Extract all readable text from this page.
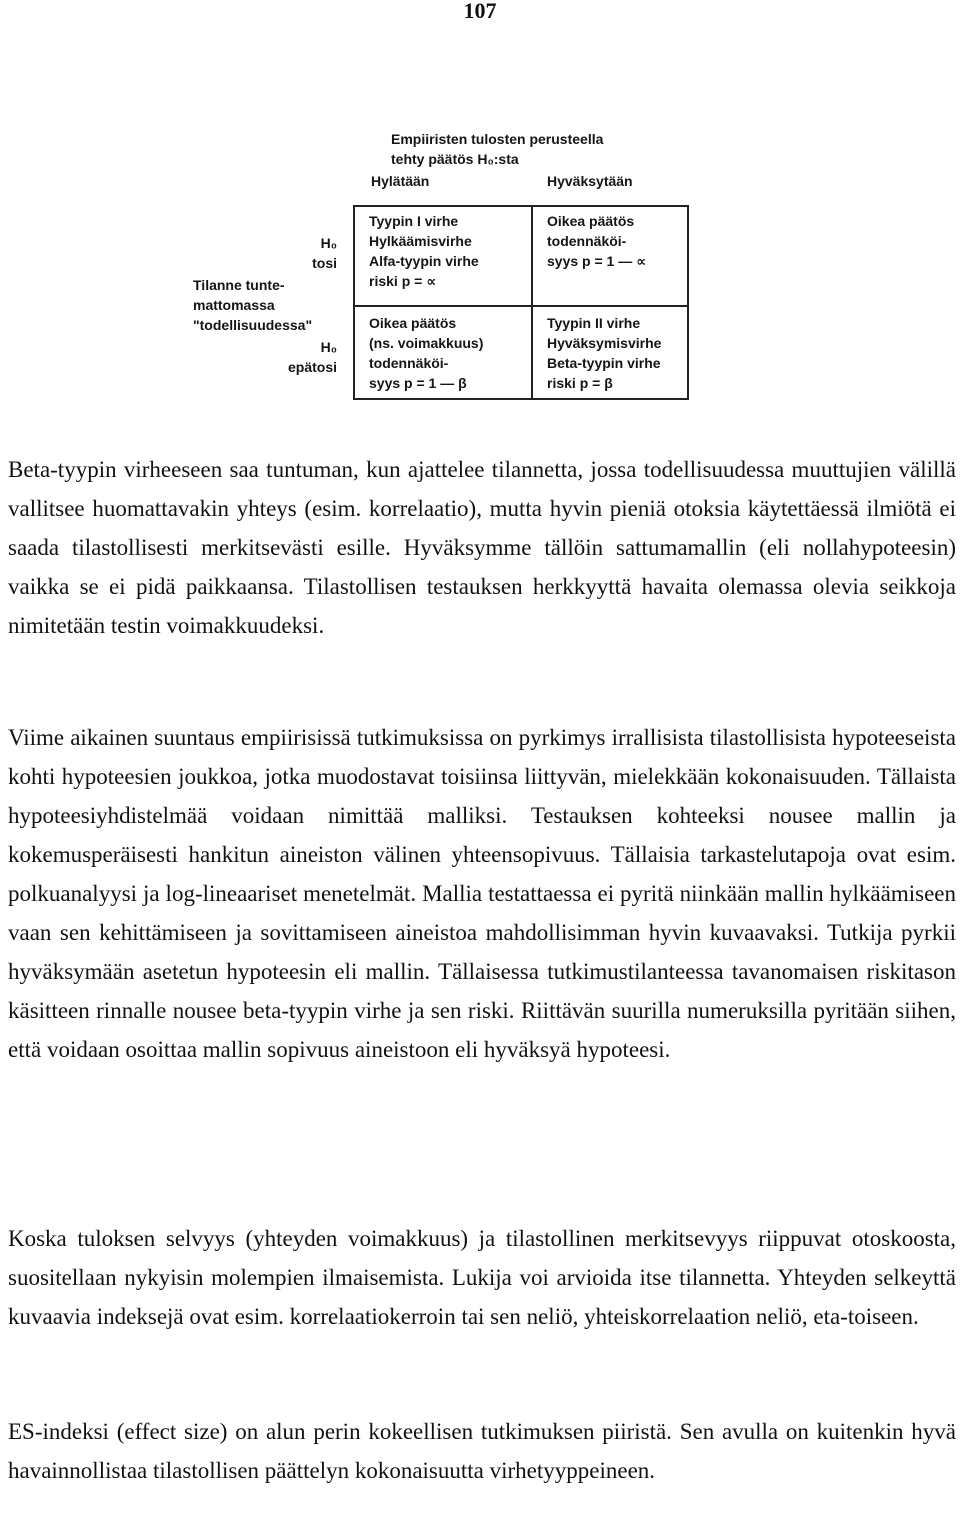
107
Empiiristen tulosten perusteella
tehty päätös H₀:sta
Hylätään	Hyväksytään
H₀
tosi
Tilanne tunte-
mattomassa
"todellisuudessa"
H₀
epätosi
Tyypin I virhe
Hylkäämisvirhe
Alfa-tyypin virhe
riski p = ∝
Oikea päätös
todennäköi-
syys p = 1 — ∝
Oikea päätös
(ns. voimakkuus)
todennäköi-
syys p = 1 — β
Tyypin II virhe
Hyväksymisvirhe
Beta-tyypin virhe
riski p = β

Beta-tyypin virheeseen saa tuntuman, kun ajattelee tilannetta, jossa todellisuudessa muuttujien välillä vallitsee huomattavakin yhteys (esim. korrelaatio), mutta hyvin pieniä otoksia käytettäessä ilmiötä ei saada tilastollisesti merkitsevästi esille. Hyväksymme tällöin sattumamallin (eli nollahypoteesin) vaikka se ei pidä paikkaansa. Tilastollisen testauksen herkkyyttä havaita olemassa olevia seikkoja nimitetään testin voimakkuudeksi.

Viime aikainen suuntaus empiirisissä tutkimuksissa on pyrkimys irrallisista tilastollisista hypoteeseista kohti hypoteesien joukkoa, jotka muodostavat toisiinsa liittyvän, mielekkään kokonaisuuden. Tällaista hypoteesiyhdistelmää voidaan nimittää malliksi. Testauksen kohteeksi nousee mallin ja kokemusperäisesti hankitun aineiston välinen yhteensopivuus. Tällaisia tarkastelutapoja ovat esim. polkuanalyysi ja log-lineaariset menetelmät. Mallia testattaessa ei pyritä niinkään mallin hylkäämiseen vaan sen kehittämiseen ja sovittamiseen aineistoa mahdollisimman hyvin kuvaavaksi. Tutkija pyrkii hyväksymään asetetun hypoteesin eli mallin. Tällaisessa tutkimustilanteessa tavanomaisen riskitason käsitteen rinnalle nousee beta-tyypin virhe ja sen riski. Riittävän suurilla numeruksilla pyritään siihen, että voidaan osoittaa mallin sopivuus aineistoon eli hyväksyä hypoteesi.

Koska tuloksen selvyys (yhteyden voimakkuus) ja tilastollinen merkitsevyys riippuvat otoskoosta, suositellaan nykyisin molempien ilmaisemista. Lukija voi arvioida itse tilannetta. Yhteyden selkeyttä kuvaavia indeksejä ovat esim. korrelaatiokerroin tai sen neliö, yhteiskorrelaation neliö, eta-toiseen.

ES-indeksi (effect size) on alun perin kokeellisen tutkimuksen piiristä. Sen avulla on kuitenkin hyvä havainnollistaa tilastollisen päättelyn kokonaisuutta virhetyyppeineen.
